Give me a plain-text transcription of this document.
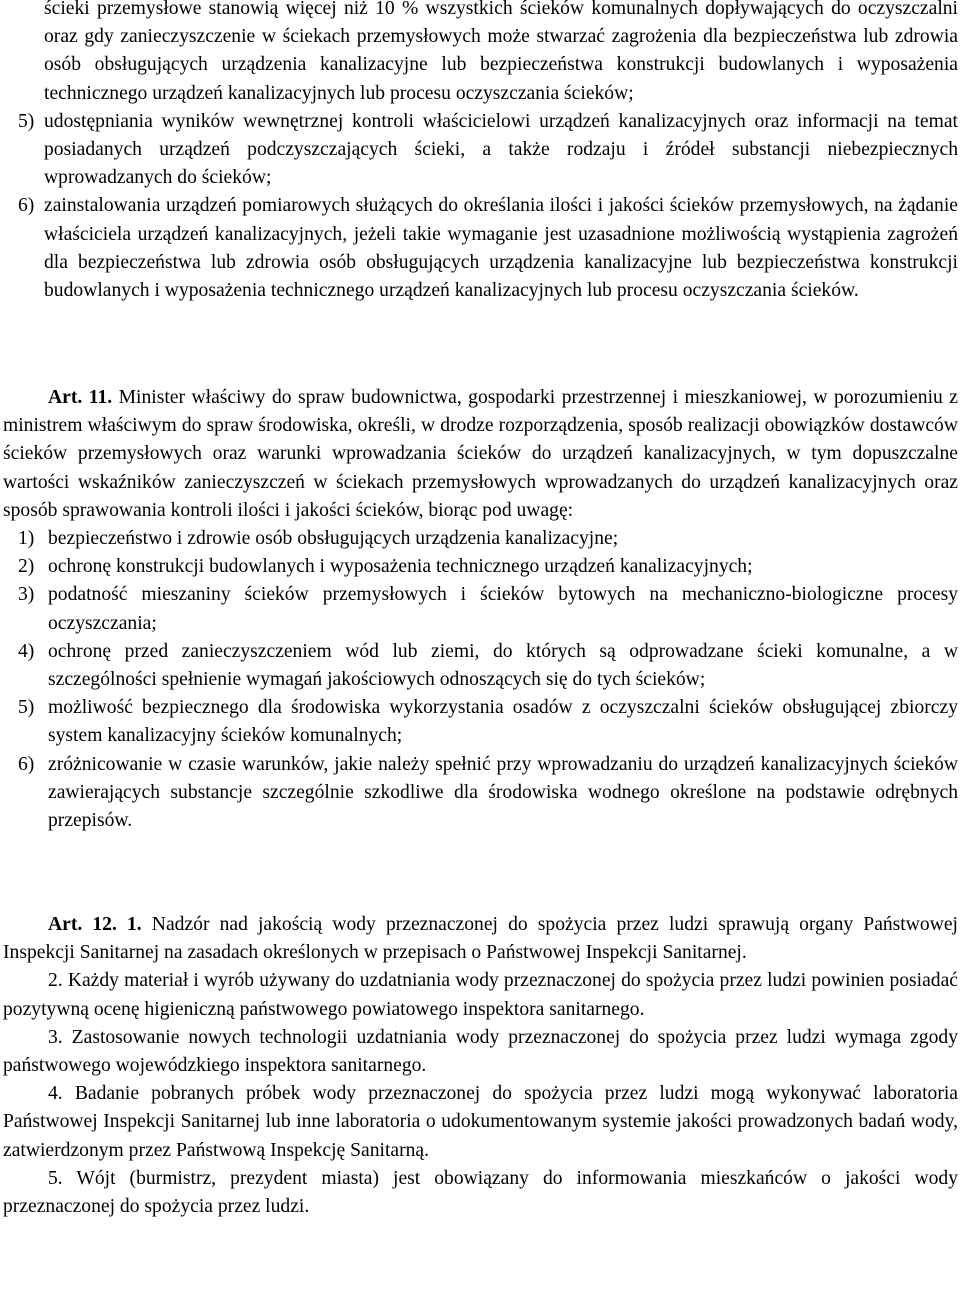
ścieki przemysłowe stanowią więcej niż 10 % wszystkich ścieków komunalnych dopływających do oczyszczalni oraz gdy zanieczyszczenie w ściekach przemysłowych może stwarzać zagrożenia dla bezpieczeństwa lub zdrowia osób obsługujących urządzenia kanalizacyjne lub bezpieczeństwa konstrukcji budowlanych i wyposażenia technicznego urządzeń kanalizacyjnych lub procesu oczyszczania ścieków;

5) udostępniania wyników wewnętrznej kontroli właścicielowi urządzeń kanalizacyjnych oraz informacji na temat posiadanych urządzeń podczyszczających ścieki, a także rodzaju i źródeł substancji niebezpiecznych wprowadzanych do ścieków;
6) zainstalowania urządzeń pomiarowych służących do określania ilości i jakości ścieków przemysłowych, na żądanie właściciela urządzeń kanalizacyjnych, jeżeli takie wymaganie jest uzasadnione możliwością wystąpienia zagrożeń dla bezpieczeństwa lub zdrowia osób obsługujących urządzenia kanalizacyjne lub bezpieczeństwa konstrukcji budowlanych i wyposażenia technicznego urządzeń kanalizacyjnych lub procesu oczyszczania ścieków.

Art. 11. Minister właściwy do spraw budownictwa, gospodarki przestrzennej i mieszkaniowej, w porozumieniu z ministrem właściwym do spraw środowiska, określi, w drodze rozporządzenia, sposób realizacji obowiązków dostawców ścieków przemysłowych oraz warunki wprowadzania ścieków do urządzeń kanalizacyjnych, w tym dopuszczalne wartości wskaźników zanieczyszczeń w ściekach przemysłowych wprowadzanych do urządzeń kanalizacyjnych oraz sposób sprawowania kontroli ilości i jakości ścieków, biorąc pod uwagę:

1) bezpieczeństwo i zdrowie osób obsługujących urządzenia kanalizacyjne;
2) ochronę konstrukcji budowlanych i wyposażenia technicznego urządzeń kanalizacyjnych;
3) podatność mieszaniny ścieków przemysłowych i ścieków bytowych na mechaniczno-biologiczne procesy oczyszczania;
4) ochronę przed zanieczyszczeniem wód lub ziemi, do których są odprowadzane ścieki komunalne, a w szczególności spełnienie wymagań jakościowych odnoszących się do tych ścieków;
5) możliwość bezpiecznego dla środowiska wykorzystania osadów z oczyszczalni ścieków obsługującej zbiorczy system kanalizacyjny ścieków komunalnych;
6) zróżnicowanie w czasie warunków, jakie należy spełnić przy wprowadzaniu do urządzeń kanalizacyjnych ścieków zawierających substancje szczególnie szkodliwe dla środowiska wodnego określone na podstawie odrębnych przepisów.

Art. 12. 1. Nadzór nad jakością wody przeznaczonej do spożycia przez ludzi sprawują organy Państwowej Inspekcji Sanitarnej na zasadach określonych w przepisach o Państwowej Inspekcji Sanitarnej.

2. Każdy materiał i wyrób używany do uzdatniania wody przeznaczonej do spożycia przez ludzi powinien posiadać pozytywną ocenę higieniczną państwowego powiatowego inspektora sanitarnego.

3. Zastosowanie nowych technologii uzdatniania wody przeznaczonej do spożycia przez ludzi wymaga zgody państwowego wojewódzkiego inspektora sanitarnego.

4. Badanie pobranych próbek wody przeznaczonej do spożycia przez ludzi mogą wykonywać laboratoria Państwowej Inspekcji Sanitarnej lub inne laboratoria o udokumentowanym systemie jakości prowadzonych badań wody, zatwierdzonym przez Państwową Inspekcję Sanitarną.

5. Wójt (burmistrz, prezydent miasta) jest obowiązany do informowania mieszkańców o jakości wody przeznaczonej do spożycia przez ludzi.
